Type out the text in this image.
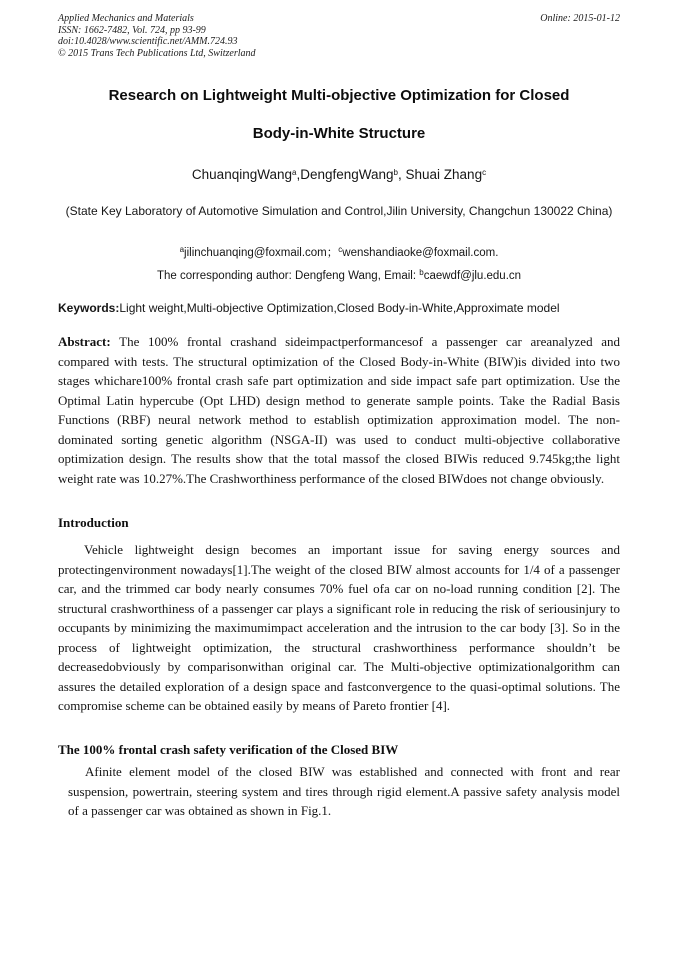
Applied Mechanics and Materials
ISSN: 1662-7482, Vol. 724, pp 93-99
doi:10.4028/www.scientific.net/AMM.724.93
© 2015 Trans Tech Publications Ltd, Switzerland
Online: 2015-01-12
Research on Lightweight Multi-objective Optimization for Closed
Body-in-White Structure
ChuanqingWang$^a$,DengfengWang$^b$, Shuai Zhang$^c$
(State Key Laboratory of Automotive Simulation and Control,Jilin University, Changchun 130022 China)
$^a$jilinchuanqing@foxmail.com；$^c$wenshandiaoke@foxmail.com.
The corresponding author: Dengfeng Wang, Email: $^b$caewdf@jlu.edu.cn
Keywords:Light weight,Multi-objective Optimization,Closed Body-in-White,Approximate model
Abstract: The 100% frontal crashand sideimpactperformancesof a passenger car areanalyzed and compared with tests. The structural optimization of the Closed Body-in-White (BIW)is divided into two stages whichare100% frontal crash safe part optimization and side impact safe part optimization. Use the Optimal Latin hypercube (Opt LHD) design method to generate sample points. Take the Radial Basis Functions (RBF) neural network method to establish optimization approximation model. The non-dominated sorting genetic algorithm (NSGA-II) was used to conduct multi-objective collaborative optimization design. The results show that the total massof the closed BIWis reduced 9.745kg;the light weight rate was 10.27%.The Crashworthiness performance of the closed BIWdoes not change obviously.
Introduction
Vehicle lightweight design becomes an important issue for saving energy sources and protectingenvironment nowadays[1].The weight of the closed BIW almost accounts for 1/4 of a passenger car, and the trimmed car body nearly consumes 70% fuel ofa car on no-load running condition [2]. The structural crashworthiness of a passenger car plays a significant role in reducing the risk of seriousinjury to occupants by minimizing the maximumimpact acceleration and the intrusion to the car body [3]. So in the process of lightweight optimization, the structural crashworthiness performance shouldn’t be decreasedobviously by comparisonwithan original car. The Multi-objective optimizationalgorithm can assures the detailed exploration of a design space and fastconvergence to the quasi-optimal solutions. The compromise scheme can be obtained easily by means of Pareto frontier [4].
The 100% frontal crash safety verification of the Closed BIW
Afinite element model of the closed BIW was established and connected with front and rear suspension, powertrain, steering system and tires through rigid element.A passive safety analysis model of a passenger car was obtained as shown in Fig.1.
